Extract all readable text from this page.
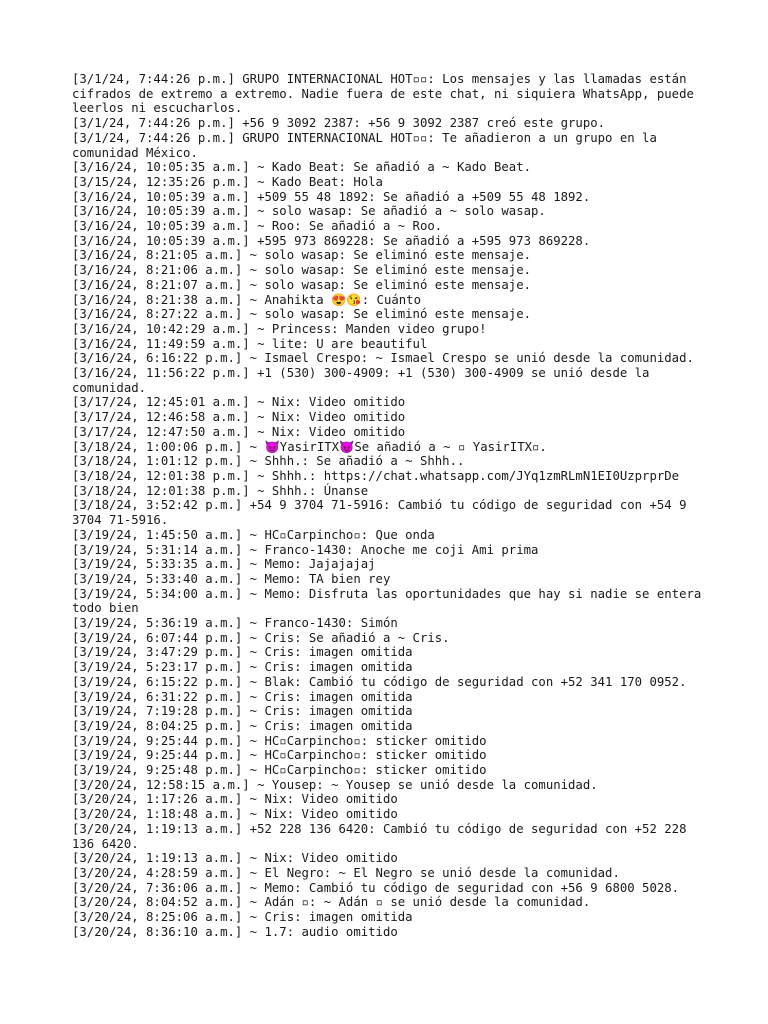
[3/1/24, 7:44:26 p.m.] GRUPO INTERNACIONAL HOT▫▫: Los mensajes y las llamadas están cifrados de extremo a extremo. Nadie fuera de este chat, ni siquiera WhatsApp, puede leerlos ni escucharlos.

[3/1/24, 7:44:26 p.m.] +56 9 3092 2387: +56 9 3092 2387 creó este grupo.

[3/1/24, 7:44:26 p.m.] GRUPO INTERNACIONAL HOT▫▫: Te añadieron a un grupo en la comunidad México.

[3/16/24, 10:05:35 a.m.] ~ Kado Beat: Se añadió a ~ Kado Beat.

[3/15/24, 12:35:26 p.m.] ~ Kado Beat: Hola

[3/16/24, 10:05:39 a.m.] +509 55 48 1892: Se añadió a +509 55 48 1892.

[3/16/24, 10:05:39 a.m.] ~ solo wasap: Se añadió a ~ solo wasap.

[3/16/24, 10:05:39 a.m.] ~ Roo: Se añadió a ~ Roo.

[3/16/24, 10:05:39 a.m.] +595 973 869228: Se añadió a +595 973 869228.

[3/16/24, 8:21:05 a.m.] ~ solo wasap: Se eliminó este mensaje.

[3/16/24, 8:21:06 a.m.] ~ solo wasap: Se eliminó este mensaje.

[3/16/24, 8:21:07 a.m.] ~ solo wasap: Se eliminó este mensaje.

[3/16/24, 8:21:38 a.m.] ~ Anahikta 😍😘: Cuánto

[3/16/24, 8:27:22 a.m.] ~ solo wasap: Se eliminó este mensaje.

[3/16/24, 10:42:29 a.m.] ~ Princess: Manden video grupo!

[3/16/24, 11:49:59 a.m.] ~ lite: U are beautiful

[3/16/24, 6:16:22 p.m.] ~ Ismael Crespo: ~ Ismael Crespo se unió desde la comunidad.

[3/16/24, 11:56:22 p.m.] +1 (530) 300-4909: +1 (530) 300-4909 se unió desde la comunidad.

[3/17/24, 12:45:01 a.m.] ~ Nix: Video omitido

[3/17/24, 12:46:58 a.m.] ~ Nix: Video omitido

[3/17/24, 12:47:50 a.m.] ~ Nix: Video omitido

[3/18/24, 1:00:06 p.m.] ~ 😈YasirITX😈Se añadió a ~ ▫ YasirITX▫.

[3/18/24, 1:01:12 p.m.] ~ Shhh.: Se añadió a ~ Shhh..

[3/18/24, 12:01:38 p.m.] ~ Shhh.: https://chat.whatsapp.com/JYq1zmRLmN1EI0UzprprDe

[3/18/24, 12:01:38 p.m.] ~ Shhh.: Únanse

[3/18/24, 3:52:42 p.m.] +54 9 3704 71-5916: Cambió tu código de seguridad con +54 9 3704 71-5916.

[3/19/24, 1:45:50 a.m.] ~ HC▫Carpincho▫: Que onda

[3/19/24, 5:31:14 a.m.] ~ Franco-1430: Anoche me coji Ami prima

[3/19/24, 5:33:35 a.m.] ~ Memo: Jajajajaj

[3/19/24, 5:33:40 a.m.] ~ Memo: TA bien rey

[3/19/24, 5:34:00 a.m.] ~ Memo: Disfruta las oportunidades que hay si nadie se entera todo bien

[3/19/24, 5:36:19 a.m.] ~ Franco-1430: Simón

[3/19/24, 6:07:44 p.m.] ~ Cris: Se añadió a ~ Cris.

[3/19/24, 3:47:29 p.m.] ~ Cris: imagen omitida

[3/19/24, 5:23:17 p.m.] ~ Cris: imagen omitida

[3/19/24, 6:15:22 p.m.] ~ Blak: Cambió tu código de seguridad con +52 341 170 0952.

[3/19/24, 6:31:22 p.m.] ~ Cris: imagen omitida

[3/19/24, 7:19:28 p.m.] ~ Cris: imagen omitida

[3/19/24, 8:04:25 p.m.] ~ Cris: imagen omitida

[3/19/24, 9:25:44 p.m.] ~ HC▫Carpincho▫: sticker omitido

[3/19/24, 9:25:44 p.m.] ~ HC▫Carpincho▫: sticker omitido

[3/19/24, 9:25:48 p.m.] ~ HC▫Carpincho▫: sticker omitido

[3/20/24, 12:58:15 a.m.] ~ Yousep: ~ Yousep se unió desde la comunidad.

[3/20/24, 1:17:26 a.m.] ~ Nix: Video omitido

[3/20/24, 1:18:48 a.m.] ~ Nix: Video omitido

[3/20/24, 1:19:13 a.m.] +52 228 136 6420: Cambió tu código de seguridad con +52 228 136 6420.

[3/20/24, 1:19:13 a.m.] ~ Nix: Video omitido

[3/20/24, 4:28:59 a.m.] ~ El Negro: ~ El Negro se unió desde la comunidad.

[3/20/24, 7:36:06 a.m.] ~ Memo: Cambió tu código de seguridad con +56 9 6800 5028.

[3/20/24, 8:04:52 a.m.] ~ Adán ▫: ~ Adán ▫ se unió desde la comunidad.

[3/20/24, 8:25:06 a.m.] ~ Cris: imagen omitida

[3/20/24, 8:36:10 a.m.] ~ 1.7: audio omitido
